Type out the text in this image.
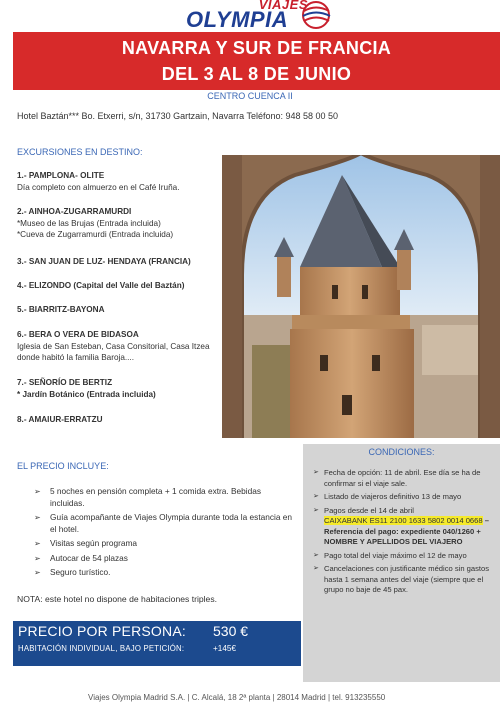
VIAJES
OLYMPIA
NAVARRA Y SUR DE FRANCIA
DEL 3 AL 8 DE JUNIO
CENTRO CUENCA II
Hotel Baztán*** Bo. Etxerri, s/n, 31730 Gartzain, Navarra Teléfono: 948 58 00 50
EXCURSIONES EN DESTINO:
1.- PAMPLONA- OLITE
Día completo con almuerzo en el Café Iruña.
2.- AINHOA-ZUGARRAMURDI
*Museo de las Brujas (Entrada incluida)
*Cueva de Zugarramurdi (Entrada incluida)
3.- SAN JUAN DE LUZ- HENDAYA (FRANCIA)
4.- ELIZONDO (Capital del Valle del Baztán)
5.- BIARRITZ-BAYONA
6.- BERA O VERA DE BIDASOA
Iglesia de San Esteban, Casa Consitorial, Casa Itzea donde habitó la familia Baroja....
7.- SEÑORÍO DE BERTIZ
* Jardín Botánico (Entrada incluida)
8.- AMAIUR-ERRATZU
EL PRECIO INCLUYE:
➢ 5 noches en pensión completa + 1 comida extra. Bebidas incluidas.
➢ Guía acompañante de Viajes Olympia durante toda la estancia en el hotel.
➢ Visitas según programa
➢ Autocar de 54 plazas
➢ Seguro turístico.
NOTA: este hotel no dispone de habitaciones triples.
CONDICIONES:
➢ Fecha de opción: 11 de abril. Ese día se ha de confirmar si el viaje sale.
➢ Listado de viajeros definitivo 13 de mayo
➢ Pagos desde el 14 de abril
CAIXABANK ES11 2100 1633 5802 0014 0668 – Referencia del pago: expediente 040/1260 + NOMBRE Y APELLIDOS DEL VIAJERO
➢ Pago total del viaje máximo el 12 de mayo
➢ Cancelaciones con justificante médico sin gastos hasta 1 semana antes del viaje (siempre que el grupo no baje de 45 pax.
PRECIO POR PERSONA: 530 €
HABITACIÓN INDIVIDUAL, BAJO PETICIÓN:	+145€
Viajes Olympia Madrid S.A. | C. Alcalá, 18 2ª planta | 28014 Madrid | tel. 913235550
